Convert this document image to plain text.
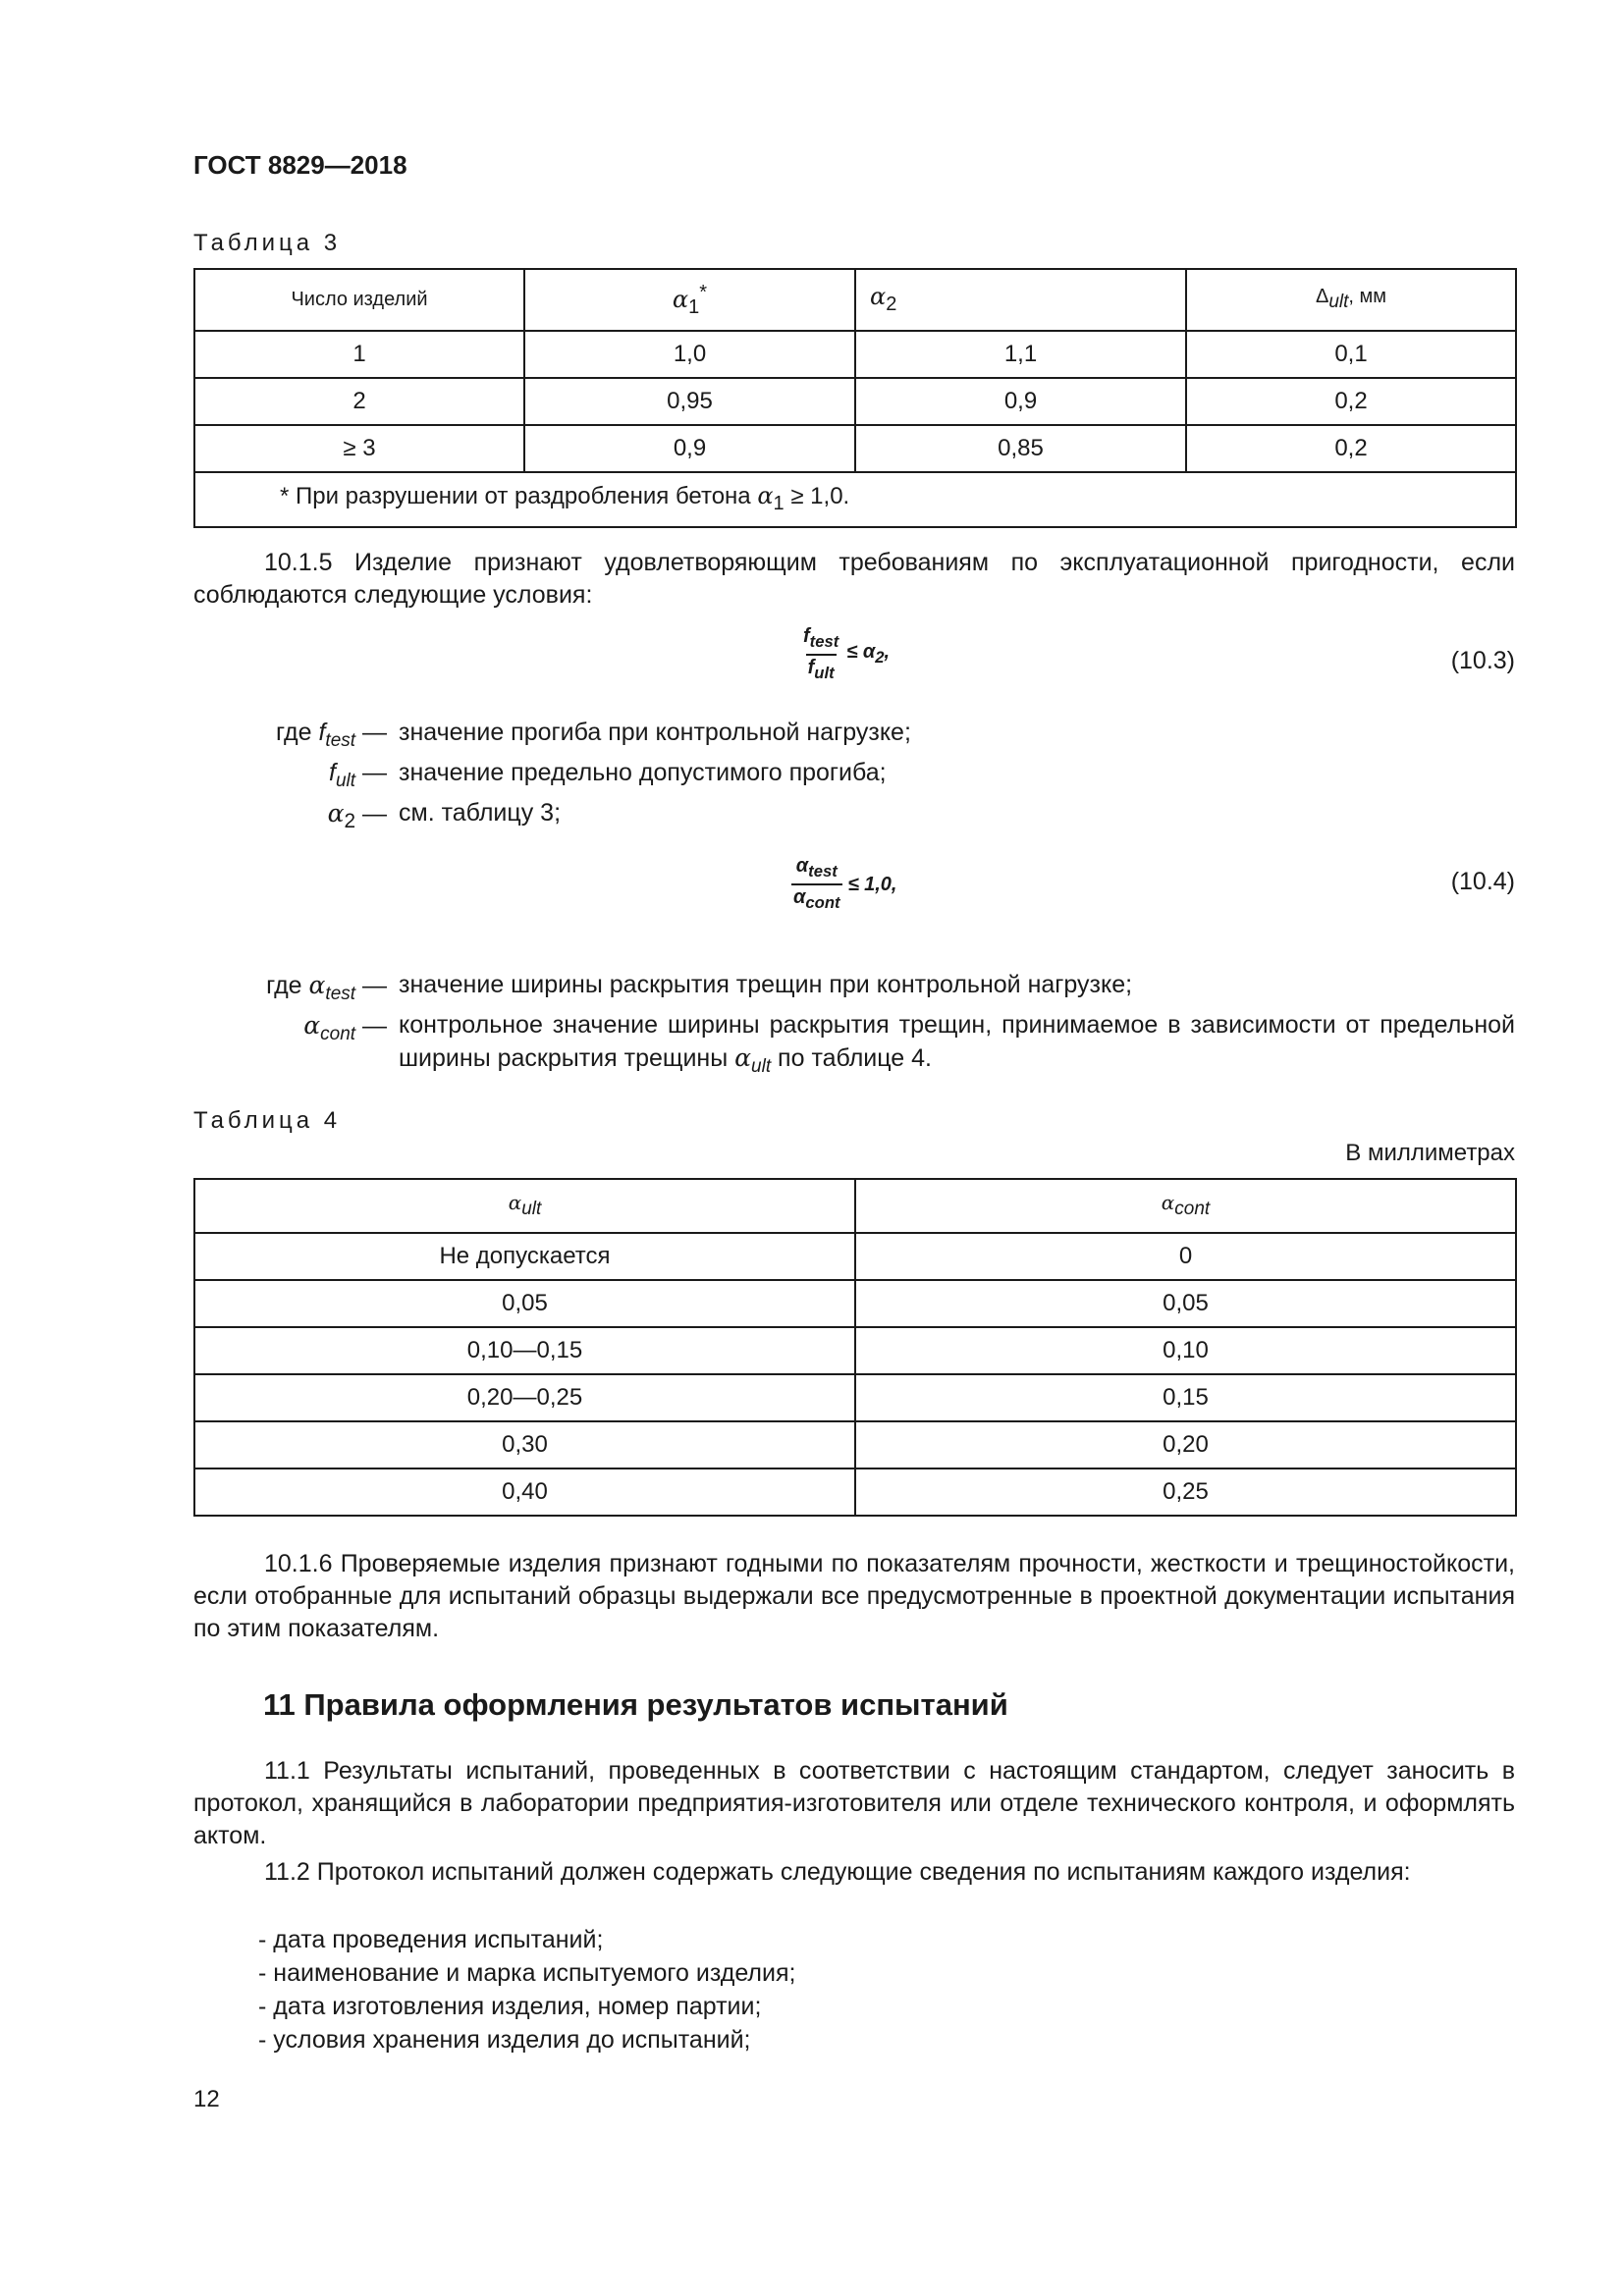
ГОСТ 8829—2018
Таблица 3
Число изделий	$\alpha_1^*$	$\alpha_2$	$\Delta_{ult}$, мм
1	1,0	1,1	0,1
2	0,95	0,9	0,2
≥ 3	0,9	0,85	0,2
* При разрушении от раздробления бетона $\alpha_1 \ge 1,0$.			
10.1.5 Изделие признают удовлетворяющим требованиям по эксплуатационной пригодности, если соблюдаются следующие условия:
$\frac{f_{test}}{f_{ult}} \le \alpha_2$,	(10.3)
где $f_{test}$ — значение прогиба при контрольной нагрузке;
$f_{ult}$ — значение предельно допустимого прогиба;
$\alpha_2$ — см. таблицу 3;
$\frac{\alpha_{test}}{\alpha_{cont}} \le 1,0$,	(10.4)
где $\alpha_{test}$ — значение ширины раскрытия трещин при контрольной нагрузке;
$\alpha_{cont}$ — контрольное значение ширины раскрытия трещин, принимаемое в зависимости от предельной ширины раскрытия трещины $\alpha_{ult}$ по таблице 4.
Таблица 4
В миллиметрах
$\alpha_{ult}$	$\alpha_{cont}$
Не допускается	0
0,05	0,05
0,10—0,15	0,10
0,20—0,25	0,15
0,30	0,20
0,40	0,25
10.1.6 Проверяемые изделия признают годными по показателям прочности, жесткости и трещиностойкости, если отобранные для испытаний образцы выдержали все предусмотренные в проектной документации испытания по этим показателям.
11 Правила оформления результатов испытаний
11.1 Результаты испытаний, проведенных в соответствии с настоящим стандартом, следует заносить в протокол, хранящийся в лаборатории предприятия-изготовителя или отделе технического контроля, и оформлять актом.
11.2 Протокол испытаний должен содержать следующие сведения по испытаниям каждого изделия:
- дата проведения испытаний;
- наименование и марка испытуемого изделия;
- дата изготовления изделия, номер партии;
- условия хранения изделия до испытаний;
12
